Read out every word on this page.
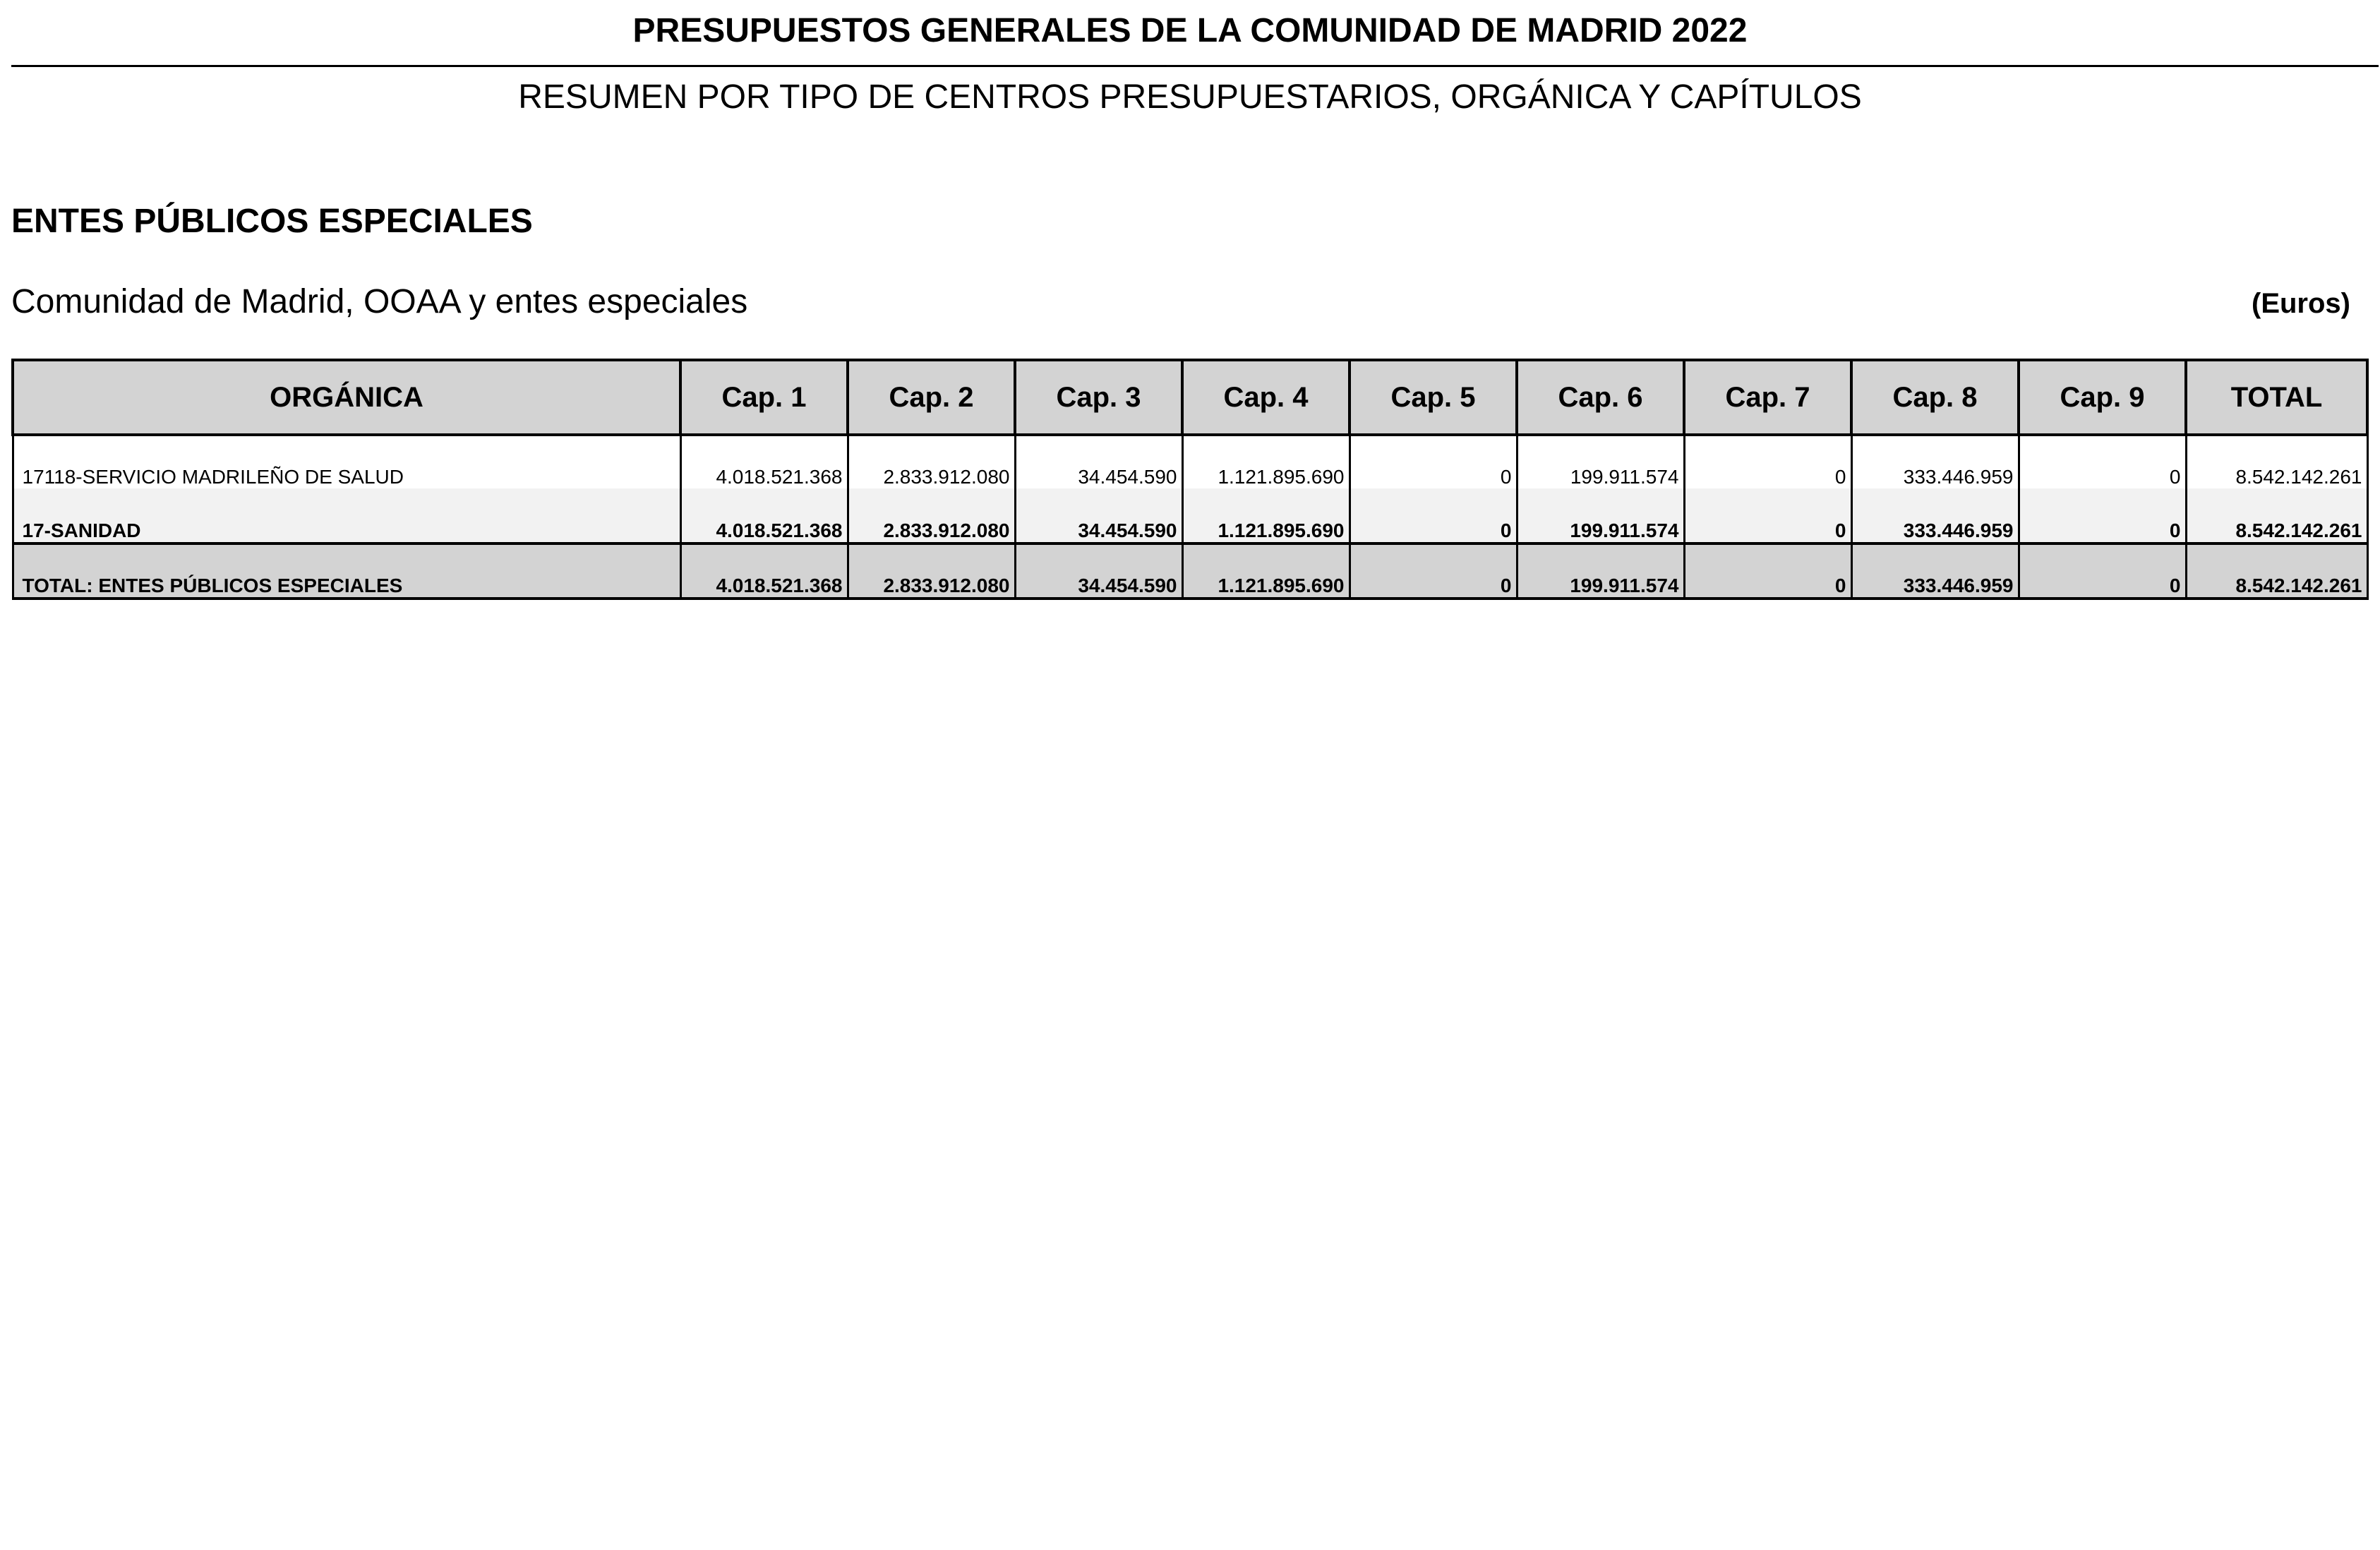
PRESUPUESTOS GENERALES DE LA COMUNIDAD DE MADRID 2022
RESUMEN POR TIPO DE CENTROS PRESUPUESTARIOS, ORGÁNICA Y CAPÍTULOS
ENTES PÚBLICOS ESPECIALES
Comunidad de Madrid, OOAA y entes especiales	(Euros)
ORGÁNICA	Cap. 1	Cap. 2	Cap. 3	Cap. 4	Cap. 5	Cap. 6	Cap. 7	Cap. 8	Cap. 9	TOTAL
17118-SERVICIO MADRILEÑO DE SALUD	4.018.521.368	2.833.912.080	34.454.590	1.121.895.690	0	199.911.574	0	333.446.959	0	8.542.142.261
17-SANIDAD	4.018.521.368	2.833.912.080	34.454.590	1.121.895.690	0	199.911.574	0	333.446.959	0	8.542.142.261
TOTAL: ENTES PÚBLICOS ESPECIALES	4.018.521.368	2.833.912.080	34.454.590	1.121.895.690	0	199.911.574	0	333.446.959	0	8.542.142.261
